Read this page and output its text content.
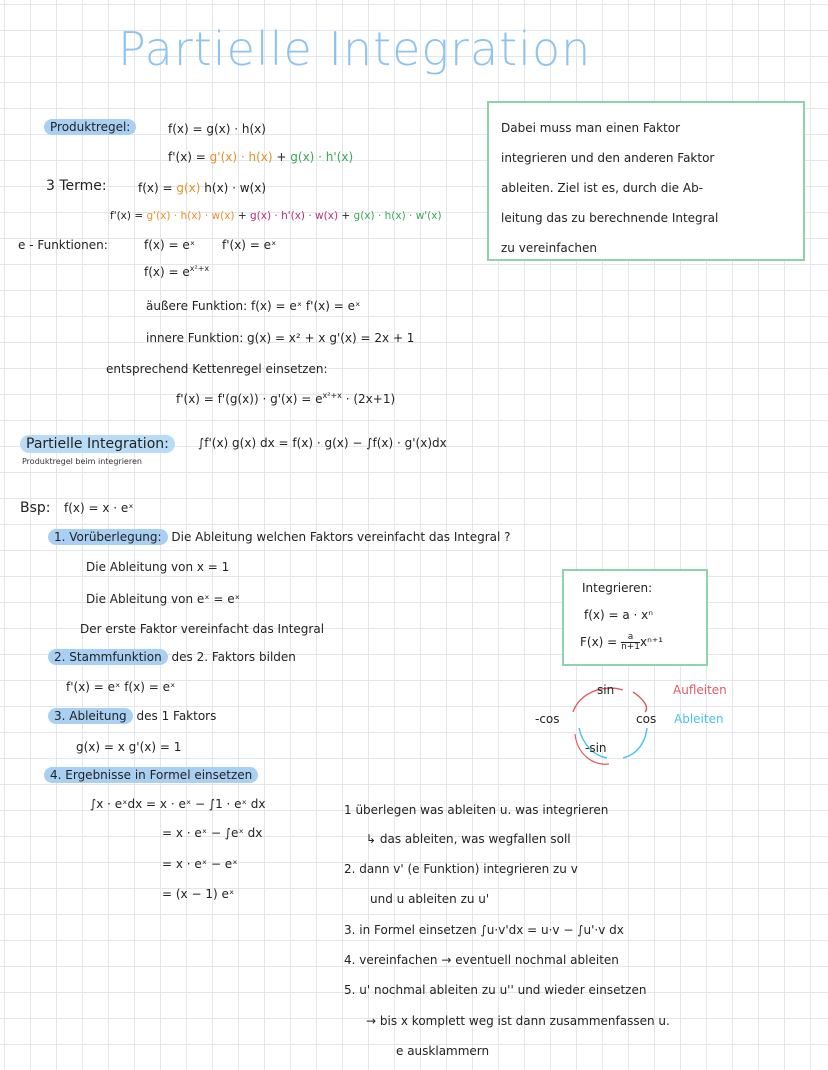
Partielle Integration
Produktregel:	f(x) = g(x) · h(x)
f'(x) = g'(x) · h(x) + g(x) · h'(x)
3 Terme:	f(x) = g(x) h(x) · w(x)
f'(x) = g'(x) · h(x) · w(x) + g(x) · h'(x) · w(x) + g(x) · h(x) · w'(x)
e - Funktionen:	f(x) = eˣ f'(x) = eˣ
$f(x) = e^{x^2+x}$
äußere Funktion: f(x) = eˣ f'(x) = eˣ
innere Funktion: g(x) = x² + x g'(x) = 2x + 1
entsprechend Kettenregel einsetzen:
$f'(x) = f'(g(x)) \cdot g'(x) = e^{x^2+x} \cdot (2x+1)$
Partielle Integration:	∫f'(x) g(x) dx = f(x) · g(x) − ∫f(x) · g'(x)dx
Produktregel beim integrieren
Dabei muss man einen Faktor
integrieren und den anderen Faktor
ableiten. Ziel ist es, durch die Ab-
leitung das zu berechnende Integral
zu vereinfachen
Bsp: f(x) = x · eˣ
1. Vorüberlegung: Die Ableitung welchen Faktors vereinfacht das Integral ?
Die Ableitung von x = 1
Die Ableitung von eˣ = eˣ
Der erste Faktor vereinfacht das Integral
2. Stammfunktion des 2. Faktors bilden
f'(x) = eˣ f(x) = eˣ
3. Ableitung des 1 Faktors
g(x) = x g'(x) = 1
4. Ergebnisse in Formel einsetzen
∫x · eˣdx = x · eˣ − ∫1 · eˣ dx
= x · eˣ − ∫eˣ dx
= x · eˣ − eˣ
= (x − 1) eˣ
Integrieren:
f(x) = a · xⁿ
$F(x) = \frac{a}{n+1} x^{n+1}$
sin
-cos	cos
-sin
Aufleiten
Ableiten
1 überlegen was ableiten u. was integrieren
↳ das ableiten, was wegfallen soll
2. dann v' (e Funktion) integrieren zu v
und u ableiten zu u'
3. in Formel einsetzen ∫u·v'dx = u·v − ∫u'·v dx
4. vereinfachen → eventuell nochmal ableiten
5. u' nochmal ableiten zu u'' und wieder einsetzen
→ bis x komplett weg ist dann zusammenfassen u.
e ausklammern
